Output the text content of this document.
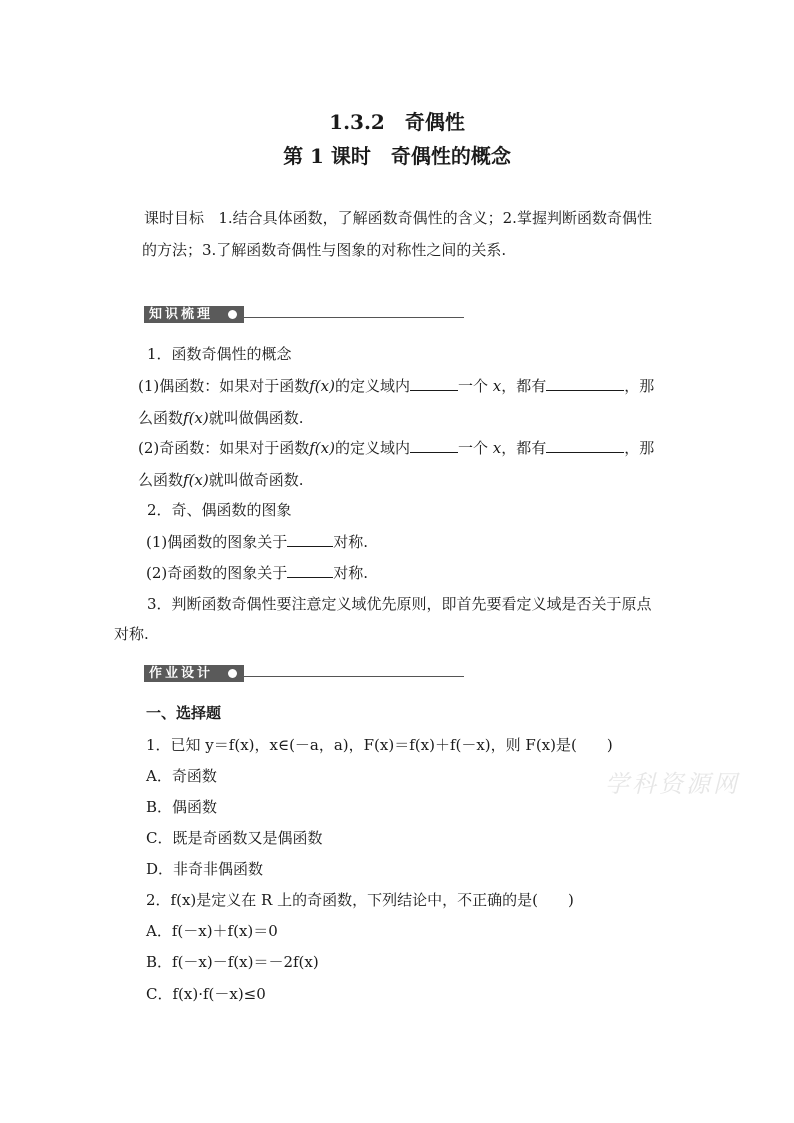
1.3.2　奇偶性
第 1 课时　奇偶性的概念
课时目标 1.结合具体函数，了解函数奇偶性的含义；2.掌握判断函数奇偶性
的方法；3.了解函数奇偶性与图象的对称性之间的关系.
知识梳理
1．函数奇偶性的概念
(1)偶函数：如果对于函数f(x)的定义域内	一个 x，都有	，那
么函数f(x)就叫做偶函数.
(2)奇函数：如果对于函数f(x)的定义域内	一个 x，都有	，那
么函数f(x)就叫做奇函数.
2．奇、偶函数的图象
(1)偶函数的图象关于	对称.
(2)奇函数的图象关于	对称.
3．判断函数奇偶性要注意定义域优先原则，即首先要看定义域是否关于原点
对称.
作业设计
一、选择题
1．已知 y＝f(x)，x∈(－a，a)，F(x)＝f(x)＋f(－x)，则 F(x)是(　　)
A．奇函数
B．偶函数
C．既是奇函数又是偶函数
D．非奇非偶函数
2．f(x)是定义在 R 上的奇函数，下列结论中，不正确的是(　　)
A．f(－x)＋f(x)＝0
B．f(－x)－f(x)＝－2f(x)
C．f(x)·f(－x)≤0
学科资源网
